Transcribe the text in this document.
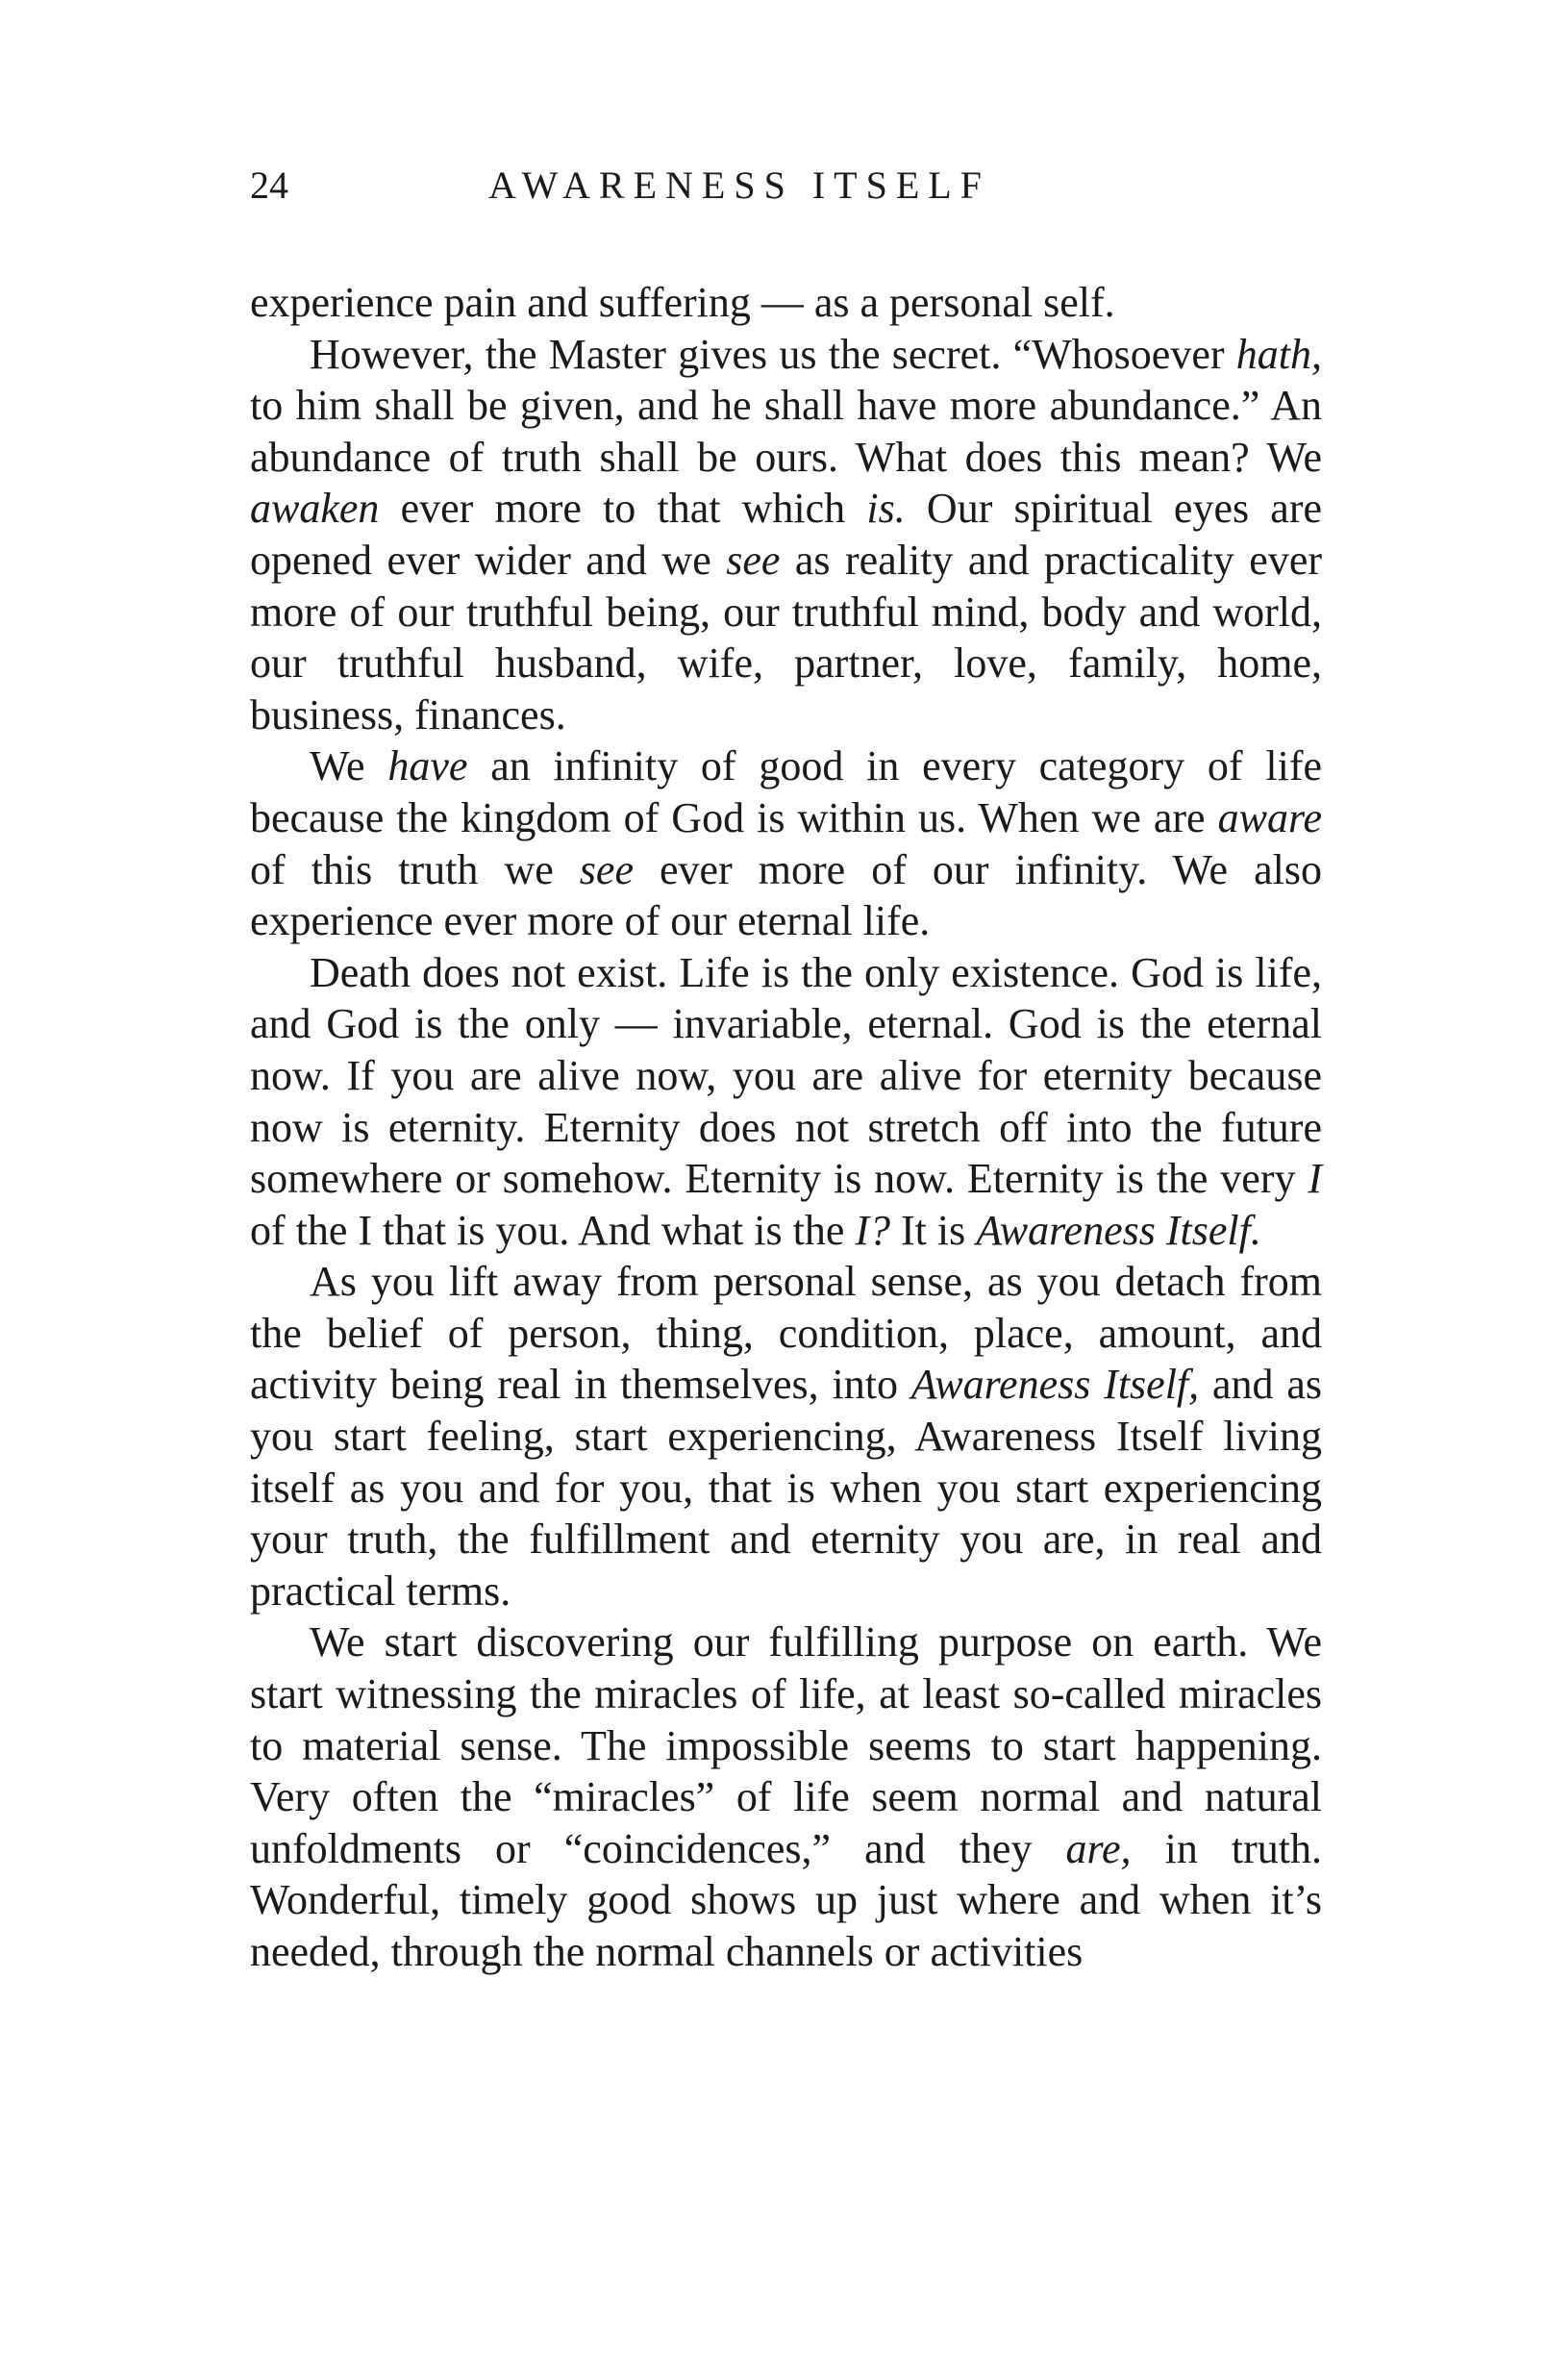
24	AWARENESS ITSELF

experience pain and suffering — as a personal self.

However, the Master gives us the secret. “Whosoever hath, to him shall be given, and he shall have more abundance.” An abundance of truth shall be ours. What does this mean? We awaken ever more to that which is. Our spiritual eyes are opened ever wider and we see as reality and practicality ever more of our truthful being, our truthful mind, body and world, our truthful husband, wife, partner, love, family, home, business, finances.

We have an infinity of good in every category of life because the kingdom of God is within us. When we are aware of this truth we see ever more of our infinity. We also experience ever more of our eternal life.

Death does not exist. Life is the only existence. God is life, and God is the only — invariable, eternal. God is the eternal now. If you are alive now, you are alive for eternity because now is eternity. Eternity does not stretch off into the future somewhere or somehow. Eternity is now. Eternity is the very I of the I that is you. And what is the I? It is Awareness Itself.

As you lift away from personal sense, as you detach from the belief of person, thing, condition, place, amount, and activity being real in themselves, into Awareness Itself, and as you start feeling, start experiencing, Awareness Itself living itself as you and for you, that is when you start experiencing your truth, the fulfillment and eternity you are, in real and practical terms.

We start discovering our fulfilling purpose on earth. We start witnessing the miracles of life, at least so-called miracles to material sense. The impossible seems to start happening. Very often the “miracles” of life seem normal and natural unfoldments or “coincidences,” and they are, in truth. Wonderful, timely good shows up just where and when it’s needed, through the normal channels or activities
